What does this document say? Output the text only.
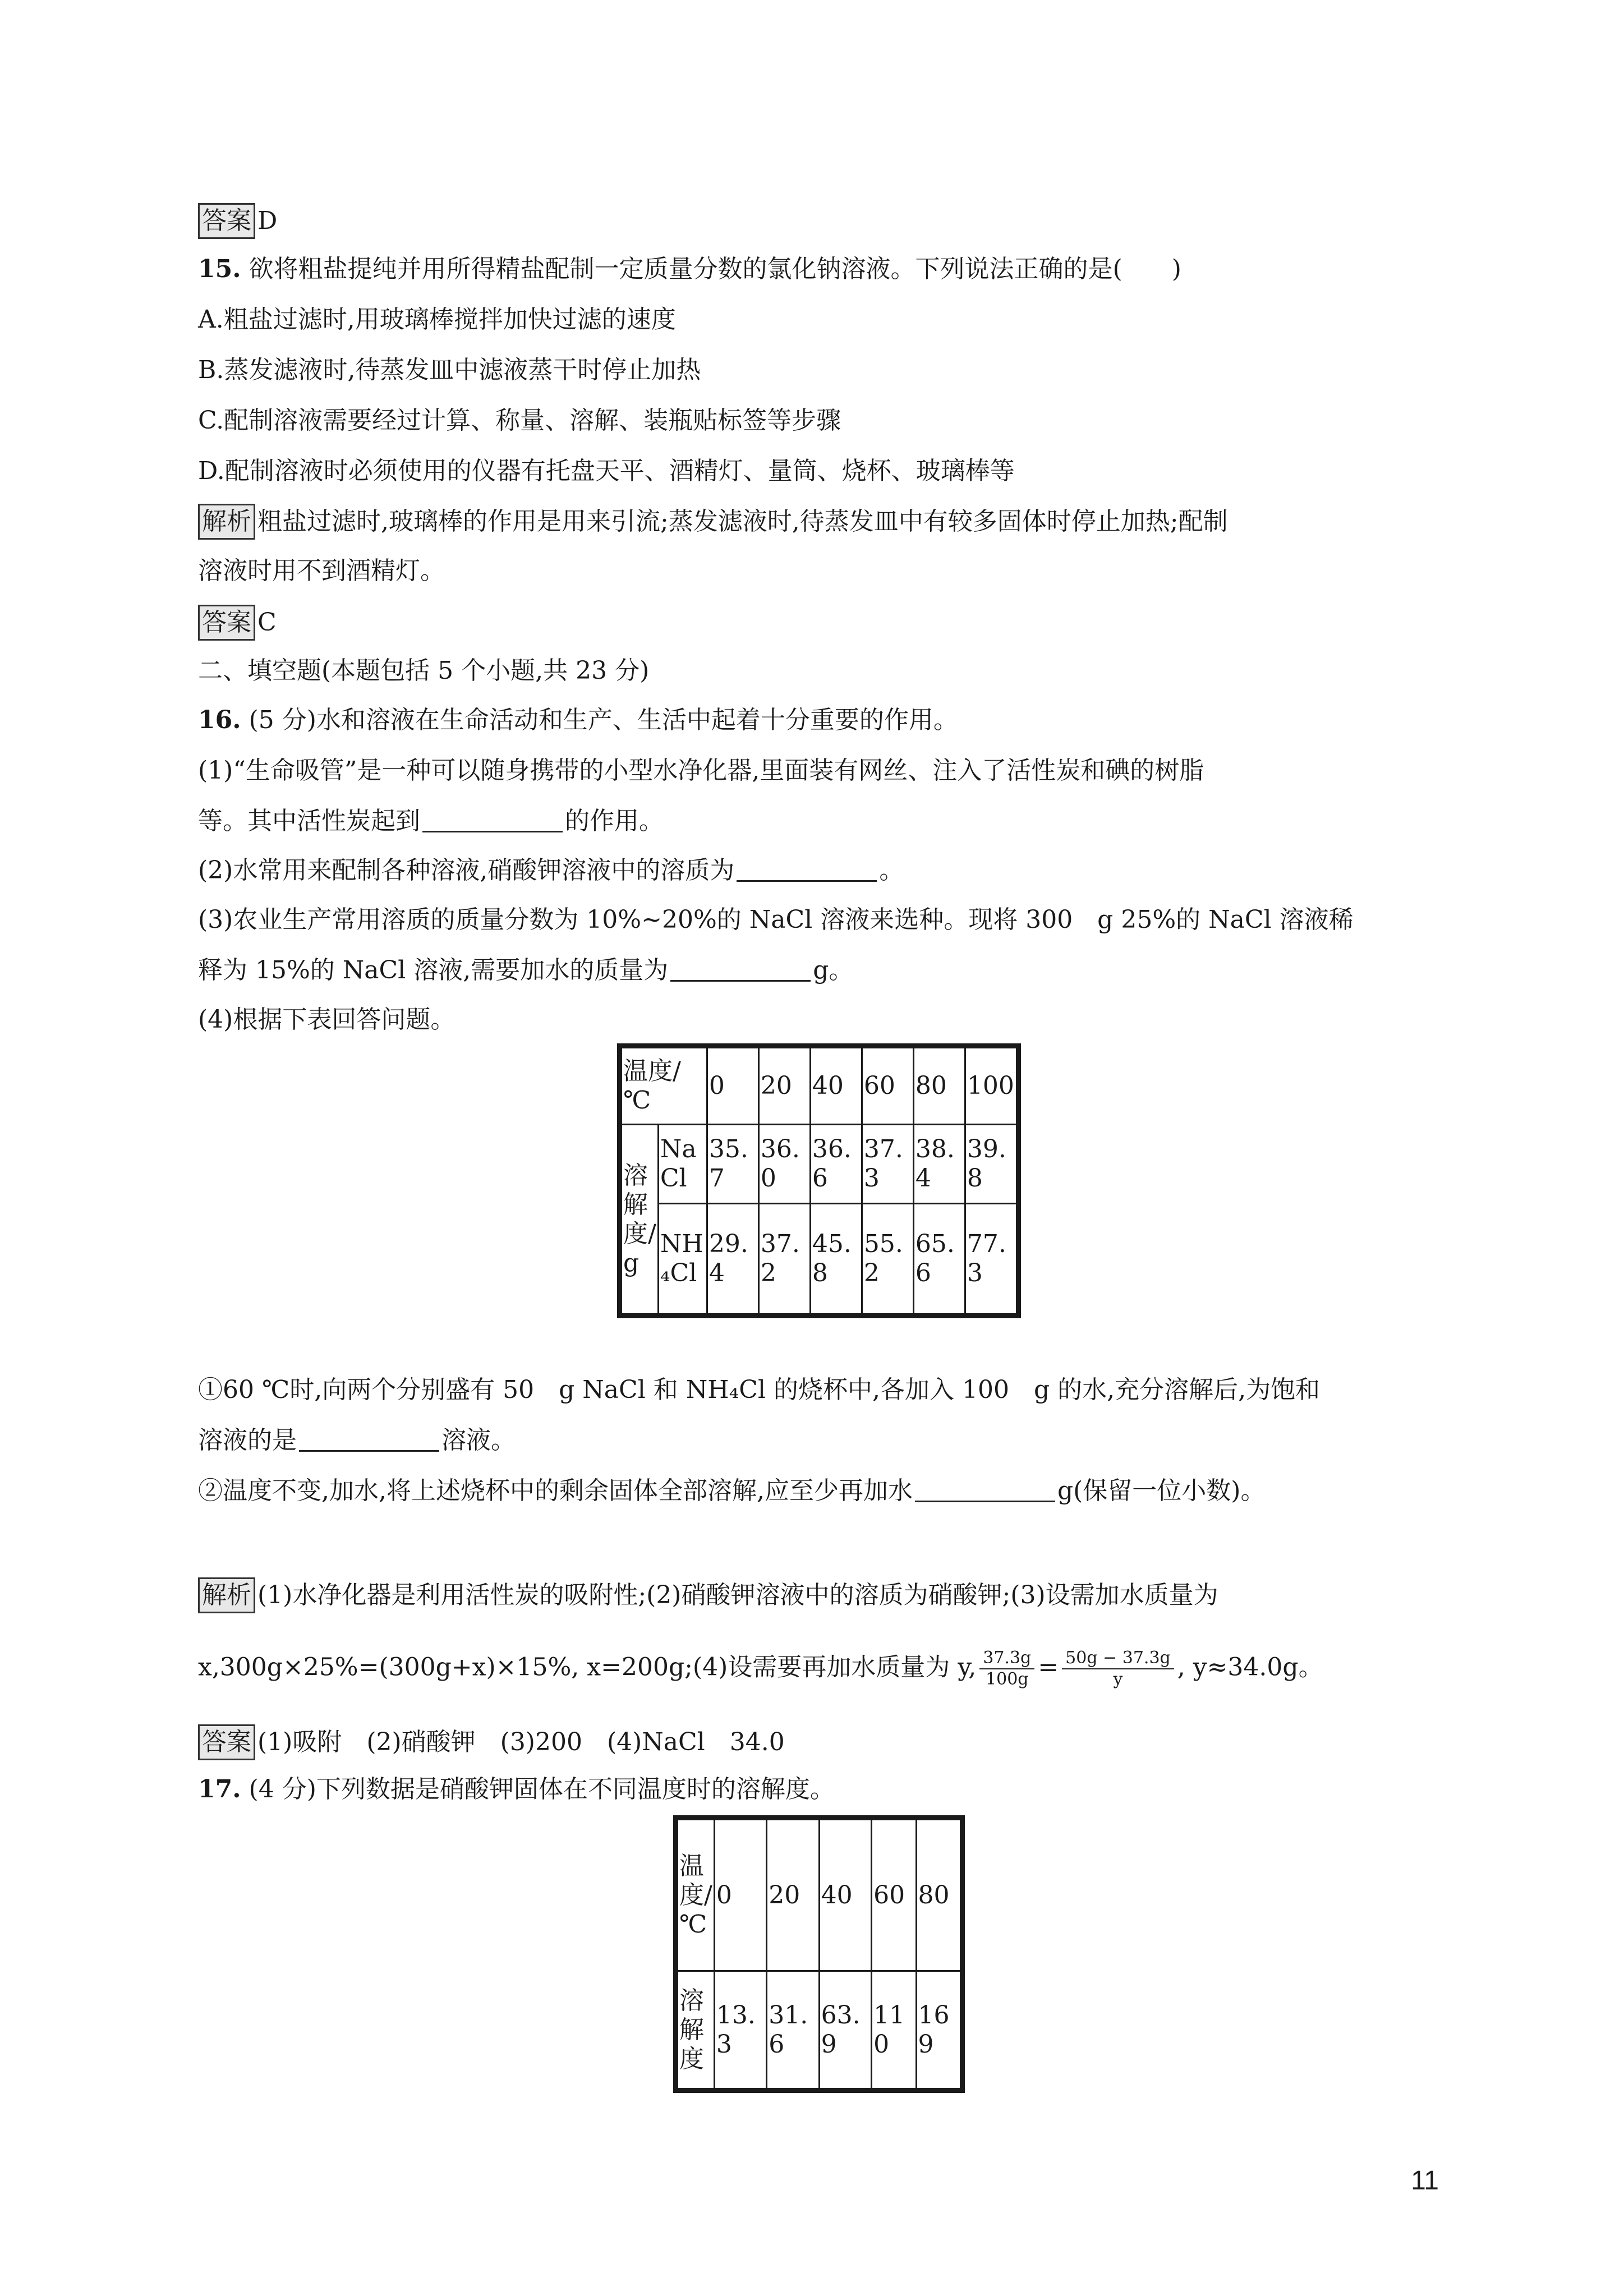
答案 D
15. 欲将粗盐提纯并用所得精盐配制一定质量分数的氯化钠溶液。下列说法正确的是(　　)
A.粗盐过滤时,用玻璃棒搅拌加快过滤的速度
B.蒸发滤液时,待蒸发皿中滤液蒸干时停止加热
C.配制溶液需要经过计算、称量、溶解、装瓶贴标签等步骤
D.配制溶液时必须使用的仪器有托盘天平、酒精灯、量筒、烧杯、玻璃棒等
解析 粗盐过滤时,玻璃棒的作用是用来引流;蒸发滤液时,待蒸发皿中有较多固体时停止加热;配制
溶液时用不到酒精灯。
答案 C
二、填空题(本题包括 5 个小题,共 23 分)
16. (5 分)水和溶液在生命活动和生产、生活中起着十分重要的作用。
(1)“生命吸管”是一种可以随身携带的小型水净化器,里面装有网丝、注入了活性炭和碘的树脂
等。其中活性炭起到	的作用。
(2)水常用来配制各种溶液,硝酸钾溶液中的溶质为	。
(3)农业生产常用溶质的质量分数为 10%~20%的 NaCl 溶液来选种。现将 300　g 25%的 NaCl 溶液稀
释为 15%的 NaCl 溶液,需要加水的质量为	g。
(4)根据下表回答问题。
温度/℃		0	20	40	60	80	100
溶解度/g	NaCl	35.7	36.0	36.6	37.3	38.4	39.8
	NH₄Cl	29.4	37.2	45.8	55.2	65.6	77.3
①60 ℃时,向两个分别盛有 50　g NaCl 和 NH₄Cl 的烧杯中,各加入 100　g 的水,充分溶解后,为饱和
溶液的是	溶液。
②温度不变,加水,将上述烧杯中的剩余固体全部溶解,应至少再加水	g(保留一位小数)。
解析 (1)水净化器是利用活性炭的吸附性;(2)硝酸钾溶液中的溶质为硝酸钾;(3)设需加水质量为
x,300g×25%=(300g+x)×15%, x=200g;(4)设需要再加水质量为 y, $\frac{37.3g}{100g} = \frac{50g - 37.3g}{y}$ , y≈34.0g。
答案 (1)吸附　(2)硝酸钾　(3)200　(4)NaCl　34.0
17. (4 分)下列数据是硝酸钾固体在不同温度时的溶解度。
温度/℃	0	20	40	60	80
溶解度	13.3	31.6	63.9	110	169
11
